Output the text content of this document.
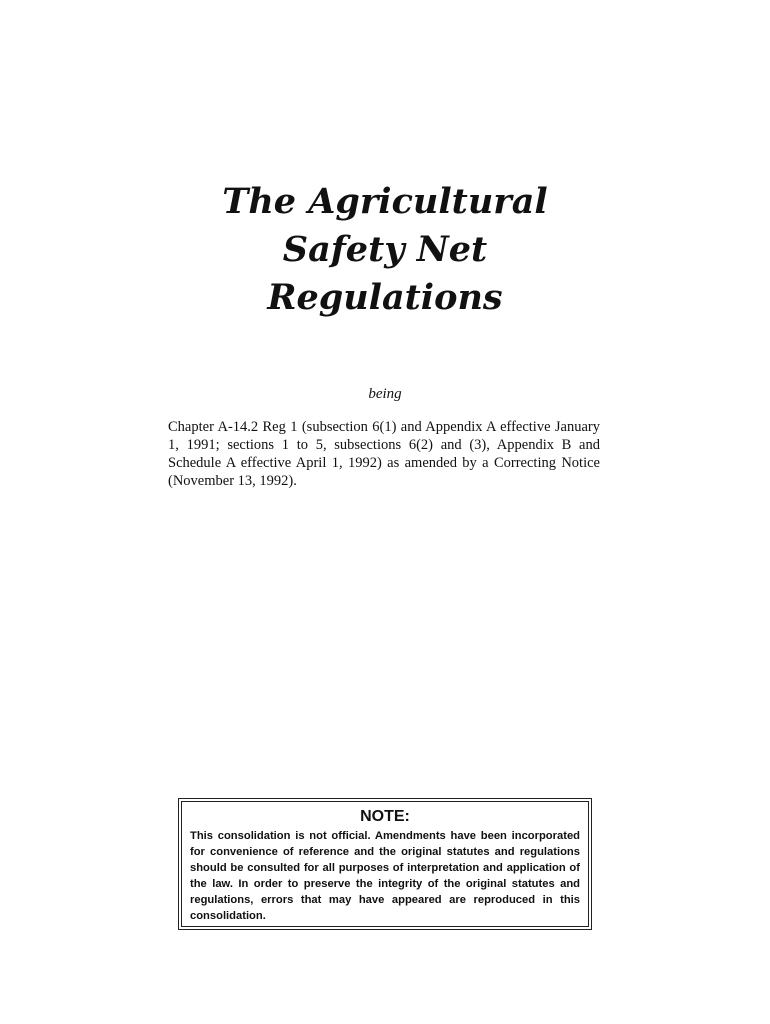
The Agricultural
Safety Net
Regulations
being
Chapter A-14.2 Reg 1 (subsection 6(1) and Appendix A effective January 1, 1991; sections 1 to 5, subsections 6(2) and (3), Appendix B and Schedule A effective April 1, 1992) as amended by a Correcting Notice (November 13, 1992).
NOTE:
This consolidation is not official. Amendments have been incorporated for convenience of reference and the original statutes and regulations should be consulted for all purposes of interpretation and application of the law. In order to preserve the integrity of the original statutes and regulations, errors that may have appeared are reproduced in this consolidation.
